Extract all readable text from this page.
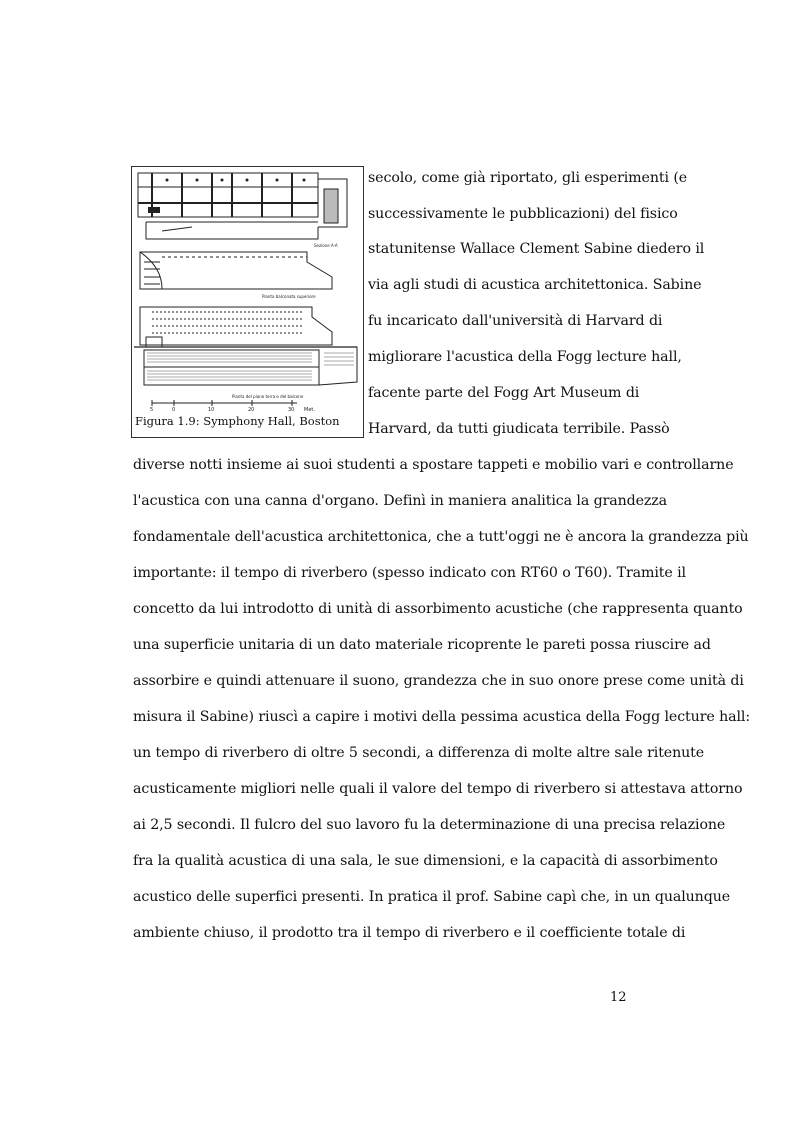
Sezione A-A
Pianta balconata superiore
Pianta del piano terra e del balcone
5	0	10	20	30 Met.
Figura 1.9: Symphony Hall, Boston
secolo, come già riportato, gli esperimenti (e
successivamente le pubblicazioni) del fisico
statunitense Wallace Clement Sabine diedero il
via agli studi di acustica architettonica. Sabine
fu incaricato dall'università di Harvard di
migliorare l'acustica della Fogg lecture hall,
facente parte del Fogg Art Museum di
Harvard, da tutti giudicata terribile. Passò
diverse notti insieme ai suoi studenti a spostare tappeti e mobilio vari e controllarne
l'acustica con una canna d'organo. Definì in maniera analitica la grandezza
fondamentale dell'acustica architettonica, che a tutt'oggi ne è ancora la grandezza più
importante: il tempo di riverbero (spesso indicato con RT60 o T60). Tramite il
concetto da lui introdotto di unità di assorbimento acustiche (che rappresenta quanto
una superficie unitaria di un dato materiale ricoprente le pareti possa riuscire ad
assorbire e quindi attenuare il suono, grandezza che in suo onore prese come unità di
misura il Sabine) riuscì a capire i motivi della pessima acustica della Fogg lecture hall:
un tempo di riverbero di oltre 5 secondi, a differenza di molte altre sale ritenute
acusticamente migliori nelle quali il valore del tempo di riverbero si attestava attorno
ai 2,5 secondi. Il fulcro del suo lavoro fu la determinazione di una precisa relazione
fra la qualità acustica di una sala, le sue dimensioni, e la capacità di assorbimento
acustico delle superfici presenti. In pratica il prof. Sabine capì che, in un qualunque
ambiente chiuso, il prodotto tra il tempo di riverbero e il coefficiente totale di
12
